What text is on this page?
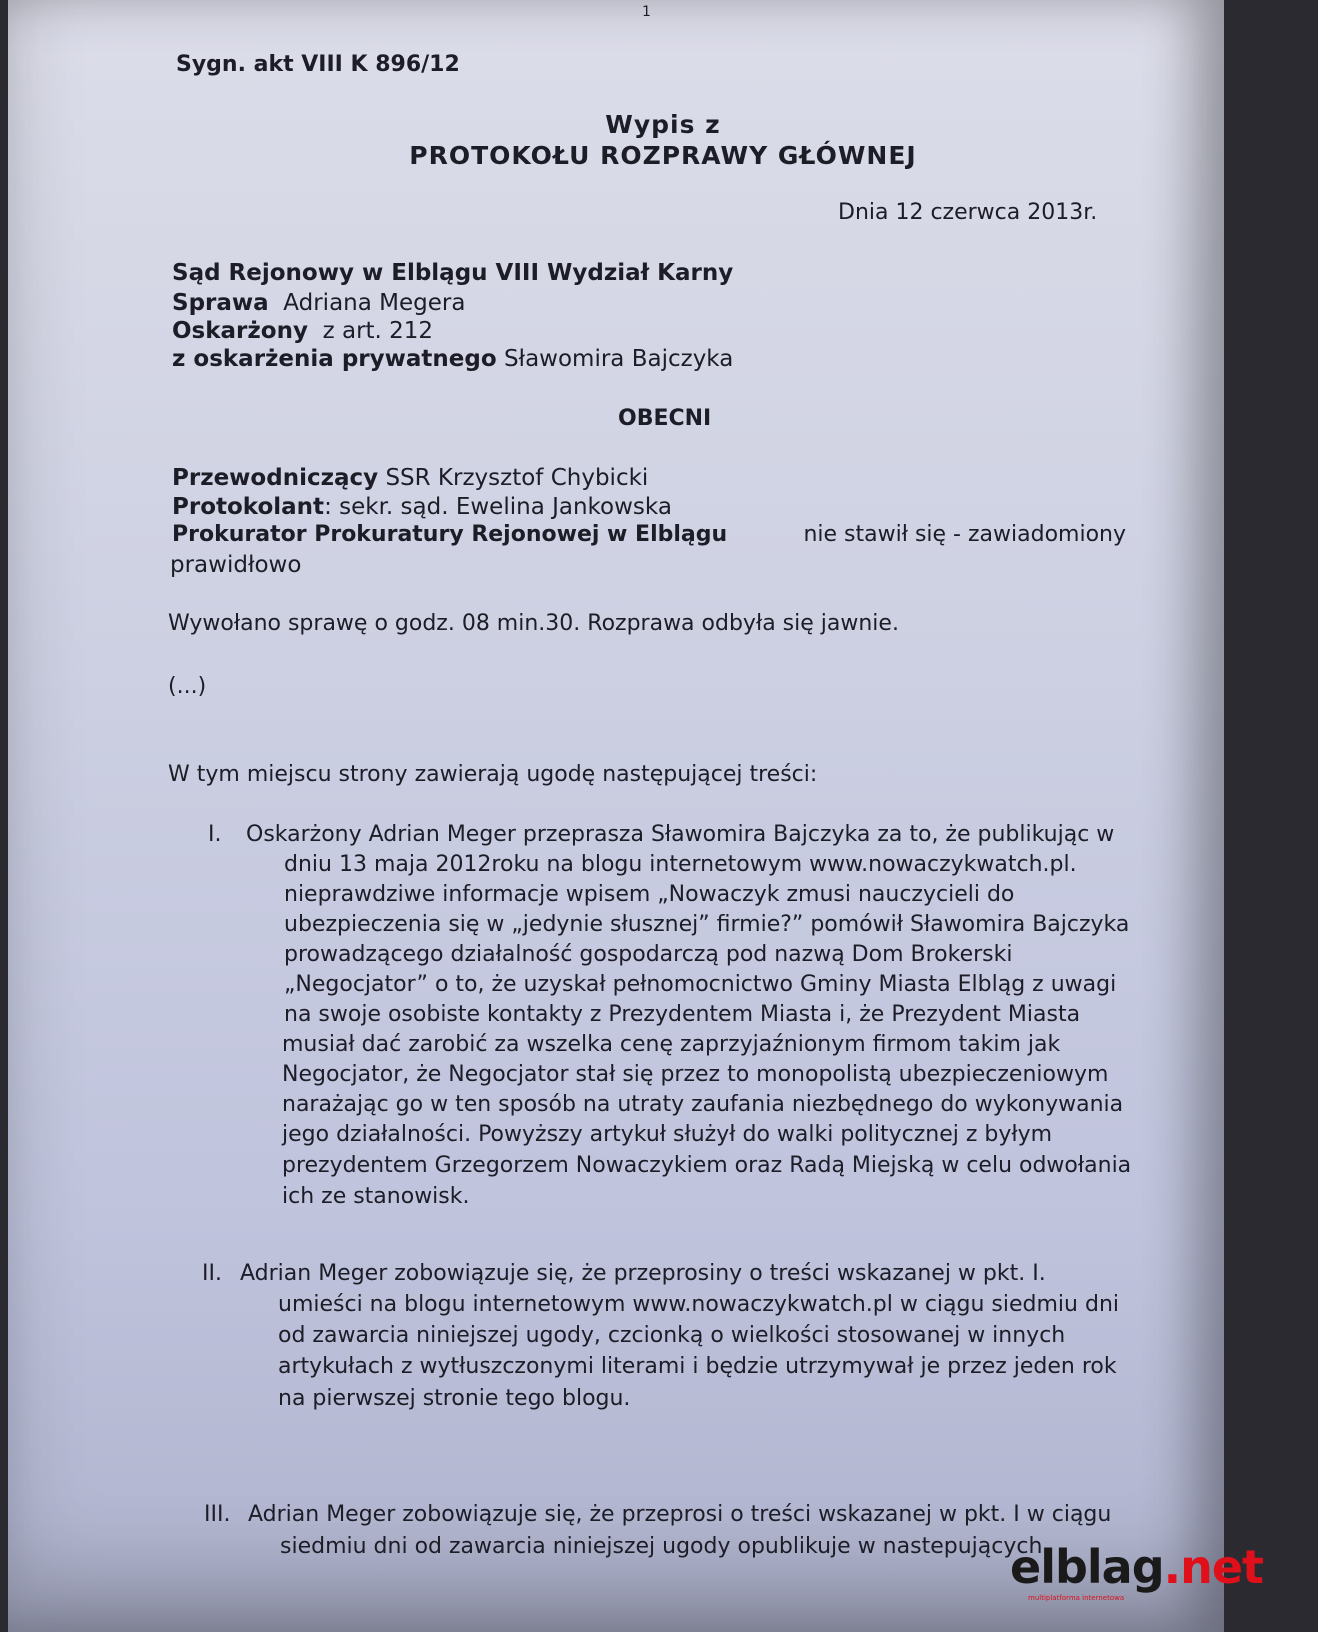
1
Sygn. akt VIII K 896/12
Wypis z
PROTOKOŁU ROZPRAWY GŁÓWNEJ
Dnia 12 czerwca 2013r.
Sąd Rejonowy w Elblągu VIII Wydział Karny
Sprawa Adriana Megera
Oskarżony z art. 212
z oskarżenia prywatnego Sławomira Bajczyka
OBECNI
Przewodniczący SSR Krzysztof Chybicki
Protokolant: sekr. sąd. Ewelina Jankowska
Prokurator Prokuratury Rejonowej w Elblągu	nie stawił się - zawiadomiony
prawidłowo
Wywołano sprawę o godz. 08 min.30. Rozprawa odbyła się jawnie.
(...)
W tym miejscu strony zawierają ugodę następującej treści:
I. Oskarżony Adrian Meger przeprasza Sławomira Bajczyka za to, że publikując w
dniu 13 maja 2012roku na blogu internetowym www.nowaczykwatch.pl.
nieprawdziwe informacje wpisem „Nowaczyk zmusi nauczycieli do
ubezpieczenia się w „jedynie słusznej” firmie?” pomówił Sławomira Bajczyka
prowadzącego działalność gospodarczą pod nazwą Dom Brokerski
„Negocjator” o to, że uzyskał pełnomocnictwo Gminy Miasta Elbląg z uwagi
na swoje osobiste kontakty z Prezydentem Miasta i, że Prezydent Miasta
musiał dać zarobić za wszelka cenę zaprzyjaźnionym firmom takim jak
Negocjator, że Negocjator stał się przez to monopolistą ubezpieczeniowym
narażając go w ten sposób na utraty zaufania niezbędnego do wykonywania
jego działalności. Powyższy artykuł służył do walki politycznej z byłym
prezydentem Grzegorzem Nowaczykiem oraz Radą Miejską w celu odwołania
ich ze stanowisk.
II. Adrian Meger zobowiązuje się, że przeprosiny o treści wskazanej w pkt. I.
umieści na blogu internetowym www.nowaczykwatch.pl w ciągu siedmiu dni
od zawarcia niniejszej ugody, czcionką o wielkości stosowanej w innych
artykułach z wytłuszczonymi literami i będzie utrzymywał je przez jeden rok
na pierwszej stronie tego blogu.
III. Adrian Meger zobowiązuje się, że przeprosi o treści wskazanej w pkt. I w ciągu
siedmiu dni od zawarcia niniejszej ugody opublikuje w nastepujących
elblag.net
multiplatforma internetowa
